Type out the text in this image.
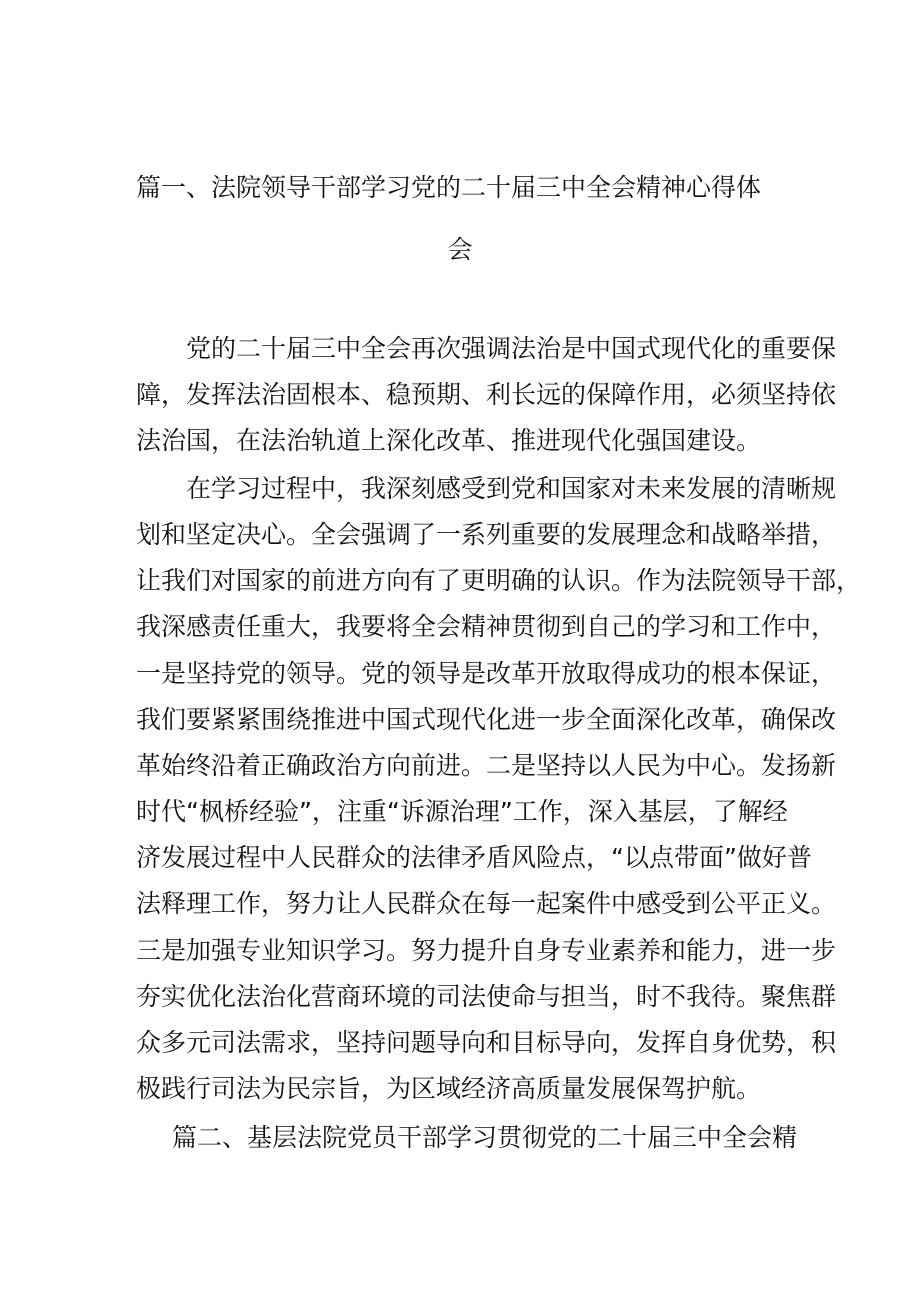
篇一、法院领导干部学习党的二十届三中全会精神心得体
会
党的二十届三中全会再次强调法治是中国式现代化的重要保
障，发挥法治固根本、稳预期、利长远的保障作用，必须坚持依
法治国，在法治轨道上深化改革、推进现代化强国建设。
在学习过程中，我深刻感受到党和国家对未来发展的清晰规
划和坚定决心。全会强调了一系列重要的发展理念和战略举措，
让我们对国家的前进方向有了更明确的认识。作为法院领导干部，
我深感责任重大，我要将全会精神贯彻到自己的学习和工作中，
一是坚持党的领导。党的领导是改革开放取得成功的根本保证，
我们要紧紧围绕推进中国式现代化进一步全面深化改革，确保改
革始终沿着正确政治方向前进。二是坚持以人民为中心。发扬新
时代“枫桥经验”，注重“诉源治理”工作，深入基层，了解经
济发展过程中人民群众的法律矛盾风险点，“以点带面”做好普
法释理工作，努力让人民群众在每一起案件中感受到公平正义。
三是加强专业知识学习。努力提升自身专业素养和能力，进一步
夯实优化法治化营商环境的司法使命与担当，时不我待。聚焦群
众多元司法需求，坚持问题导向和目标导向，发挥自身优势，积
极践行司法为民宗旨，为区域经济高质量发展保驾护航。
篇二、基层法院党员干部学习贯彻党的二十届三中全会精
